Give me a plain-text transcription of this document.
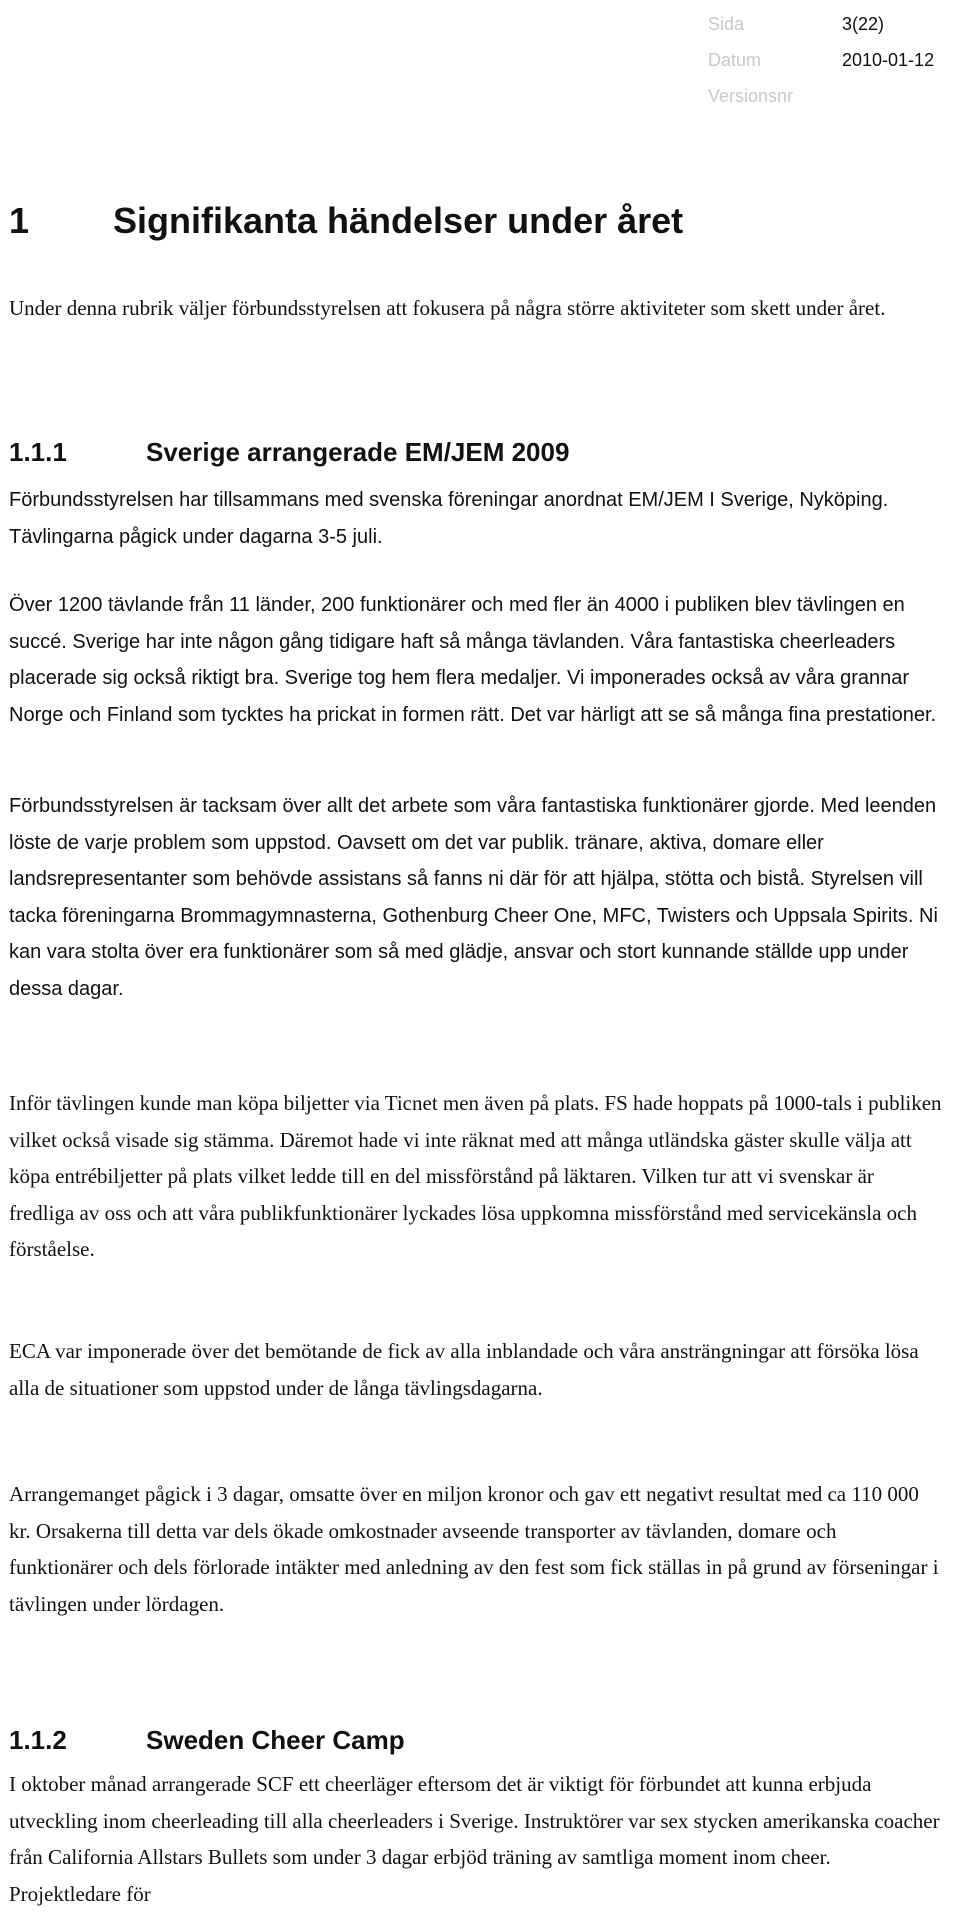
Sida	3(22)
Datum	2010-01-12
Versionsnr
1	Signifikanta händelser under året

Under denna rubrik väljer förbundsstyrelsen att fokusera på några större aktiviteter som skett under året.

1.1.1	Sverige arrangerade EM/JEM 2009

Förbundsstyrelsen har tillsammans med svenska föreningar anordnat EM/JEM I Sverige, Nyköping. Tävlingarna pågick under dagarna 3-5 juli.

Över 1200 tävlande från 11 länder, 200 funktionärer och med fler än 4000 i publiken blev tävlingen en succé. Sverige har inte någon gång tidigare haft så många tävlanden. Våra fantastiska cheerleaders placerade sig också riktigt bra. Sverige tog hem flera medaljer. Vi imponerades också av våra grannar Norge och Finland som tycktes ha prickat in formen rätt. Det var härligt att se så många fina prestationer.

Förbundsstyrelsen är tacksam över allt det arbete som våra fantastiska funktionärer gjorde. Med leenden löste de varje problem som uppstod. Oavsett om det var publik. tränare, aktiva, domare eller landsrepresentanter som behövde assistans så fanns ni där för att hjälpa, stötta och bistå. Styrelsen vill tacka föreningarna Brommagymnasterna, Gothenburg Cheer One, MFC, Twisters och Uppsala Spirits. Ni kan vara stolta över era funktionärer som så med glädje, ansvar och stort kunnande ställde upp under dessa dagar.

Inför tävlingen kunde man köpa biljetter via Ticnet men även på plats. FS hade hoppats på 1000-tals i publiken vilket också visade sig stämma. Däremot hade vi inte räknat med att många utländska gäster skulle välja att köpa entrébiljetter på plats vilket ledde till en del missförstånd på läktaren. Vilken tur att vi svenskar är fredliga av oss och att våra publikfunktionärer lyckades lösa uppkomna missförstånd med servicekänsla och förståelse.

ECA var imponerade över det bemötande de fick av alla inblandade och våra ansträngningar att försöka lösa alla de situationer som uppstod under de långa tävlingsdagarna.

Arrangemanget pågick i 3 dagar, omsatte över en miljon kronor och gav ett negativt resultat med ca 110 000 kr. Orsakerna till detta var dels ökade omkostnader avseende transporter av tävlanden, domare och funktionärer och dels förlorade intäkter med anledning av den fest som fick ställas in på grund av förseningar i tävlingen under lördagen.

1.1.2	Sweden Cheer Camp

I oktober månad arrangerade SCF ett cheerläger eftersom det är viktigt för förbundet att kunna erbjuda utveckling inom cheerleading till alla cheerleaders i Sverige. Instruktörer var sex stycken amerikanska coacher från California Allstars Bullets som under 3 dagar erbjöd träning av samtliga moment inom cheer. Projektledare för
